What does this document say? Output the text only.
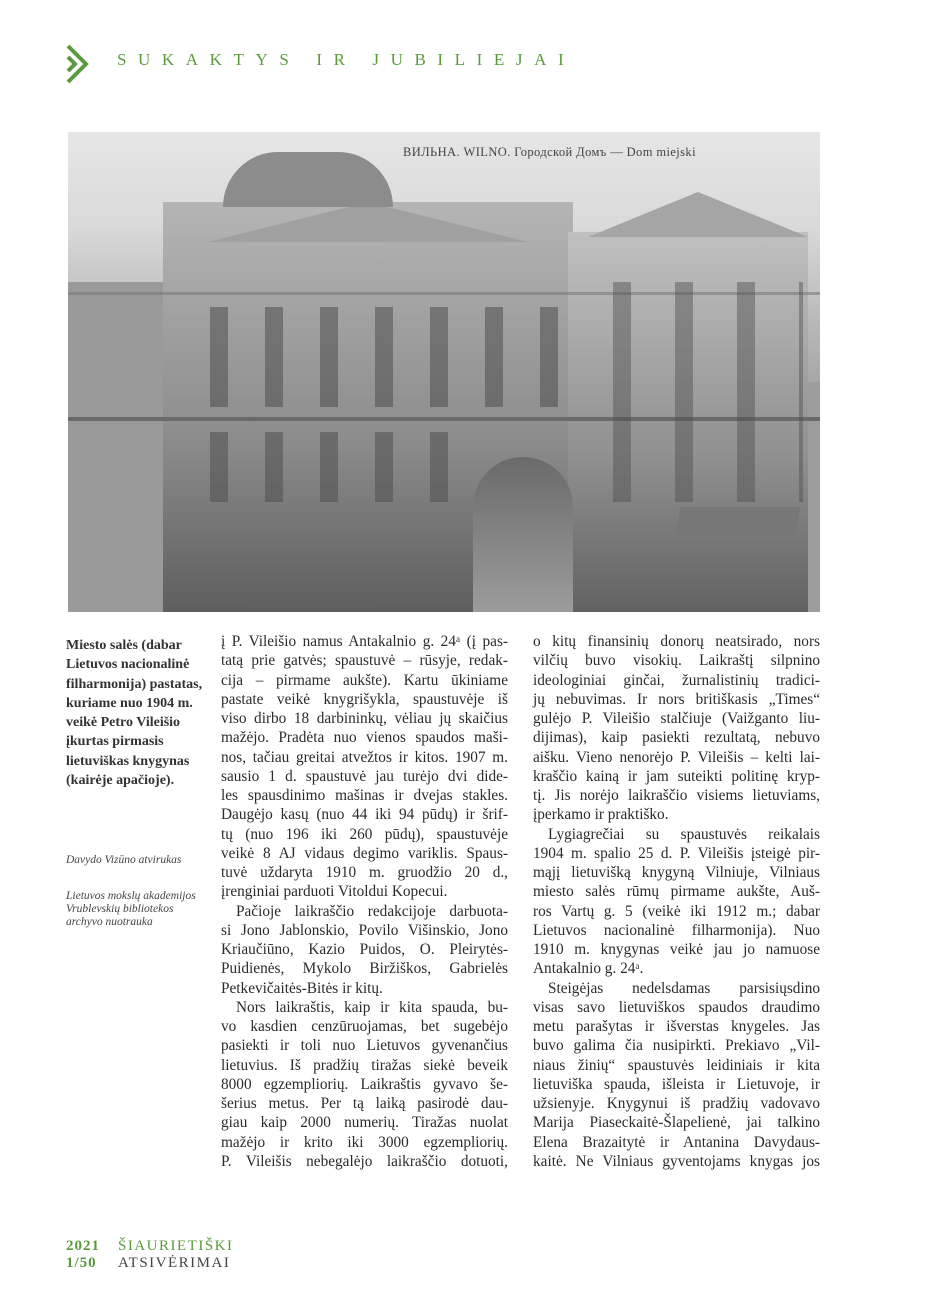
SUKAKTYS IR JUBILIEJAI
ВИЛЬНА. WILNO. Городской Домъ — Dom miejski
Miesto salės (dabar Lietuvos nacionalinė filharmonija) pastatas, kuriame nuo 1904 m. veikė Petro Vileišio įkurtas pirmasis lietuviškas knygynas (kairėje apačioje).
Davydo Vizūno atvirukas
Lietuvos mokslų akademijos Vrublevskių bibliotekos archyvo nuotrauka
į P. Vileišio namus Antakalnio g. 24ᵃ (į pas-
tatą prie gatvės; spaustuvė – rūsyje, redak-
cija – pirmame aukšte). Kartu ūkiniame
pastate veikė knygrišykla, spaustuvėje iš
viso dirbo 18 darbininkų, vėliau jų skaičius
mažėjo. Pradėta nuo vienos spaudos maši-
nos, tačiau greitai atvežtos ir kitos. 1907 m.
sausio 1 d. spaustuvė jau turėjo dvi dide-
les spausdinimo mašinas ir dvejas stakles.
Daugėjo kasų (nuo 44 iki 94 pūdų) ir šrif-
tų (nuo 196 iki 260 pūdų), spaustuvėje
veikė 8 AJ vidaus degimo variklis. Spaus-
tuvė uždaryta 1910 m. gruodžio 20 d.,
įrenginiai parduoti Vitoldui Kopecui.
Pačioje laikraščio redakcijoje darbuota-
si Jono Jablonskio, Povilo Višinskio, Jono
Kriaučiūno, Kazio Puidos, O. Pleirytės-
Puidienės, Mykolo Biržiškos, Gabrielės
Petkevičaitės-Bitės ir kitų.
Nors laikraštis, kaip ir kita spauda, bu-
vo kasdien cenzūruojamas, bet sugebėjo
pasiekti ir toli nuo Lietuvos gyvenančius
lietuvius. Iš pradžių tiražas siekė beveik
8000 egzempliorių. Laikraštis gyvavo še-
šerius metus. Per tą laiką pasirodė dau-
giau kaip 2000 numerių. Tiražas nuolat
mažėjo ir krito iki 3000 egzempliorių.
P. Vileišis nebegalėjo laikraščio dotuoti,
o kitų finansinių donorų neatsirado, nors
vilčių buvo visokių. Laikraštį silpnino
ideologiniai ginčai, žurnalistinių tradici-
jų nebuvimas. Ir nors britiškasis „Times“
gulėjo P. Vileišio stalčiuje (Vaižganto liu-
dijimas), kaip pasiekti rezultatą, nebuvo
aišku. Vieno nenorėjo P. Vileišis – kelti lai-
kraščio kainą ir jam suteikti politinę kryp-
tį. Jis norėjo laikraščio visiems lietuviams,
įperkamo ir praktiško.
Lygiagrečiai su spaustuvės reikalais
1904 m. spalio 25 d. P. Vileišis įsteigė pir-
mąjį lietuvišką knygyną Vilniuje, Vilniaus
miesto salės rūmų pirmame aukšte, Auš-
ros Vartų g. 5 (veikė iki 1912 m.; dabar
Lietuvos nacionalinė filharmonija). Nuo
1910 m. knygynas veikė jau jo namuose
Antakalnio g. 24ᵃ.
Steigėjas nedelsdamas parsisiųsdino
visas savo lietuviškos spaudos draudimo
metu parašytas ir išverstas knygeles. Jas
buvo galima čia nusipirkti. Prekiavo „Vil-
niaus žinių“ spaustuvės leidiniais ir kita
lietuviška spauda, išleista ir Lietuvoje, ir
užsienyje. Knygynui iš pradžių vadovavo
Marija Piaseckaitė-Šlapelienė, jai talkino
Elena Brazaitytė ir Antanina Davydaus-
kaitė. Ne Vilniaus gyventojams knygas jos
2021 ŠIAURIETIŠKI
1/50 ATSIVĖRIMAI
